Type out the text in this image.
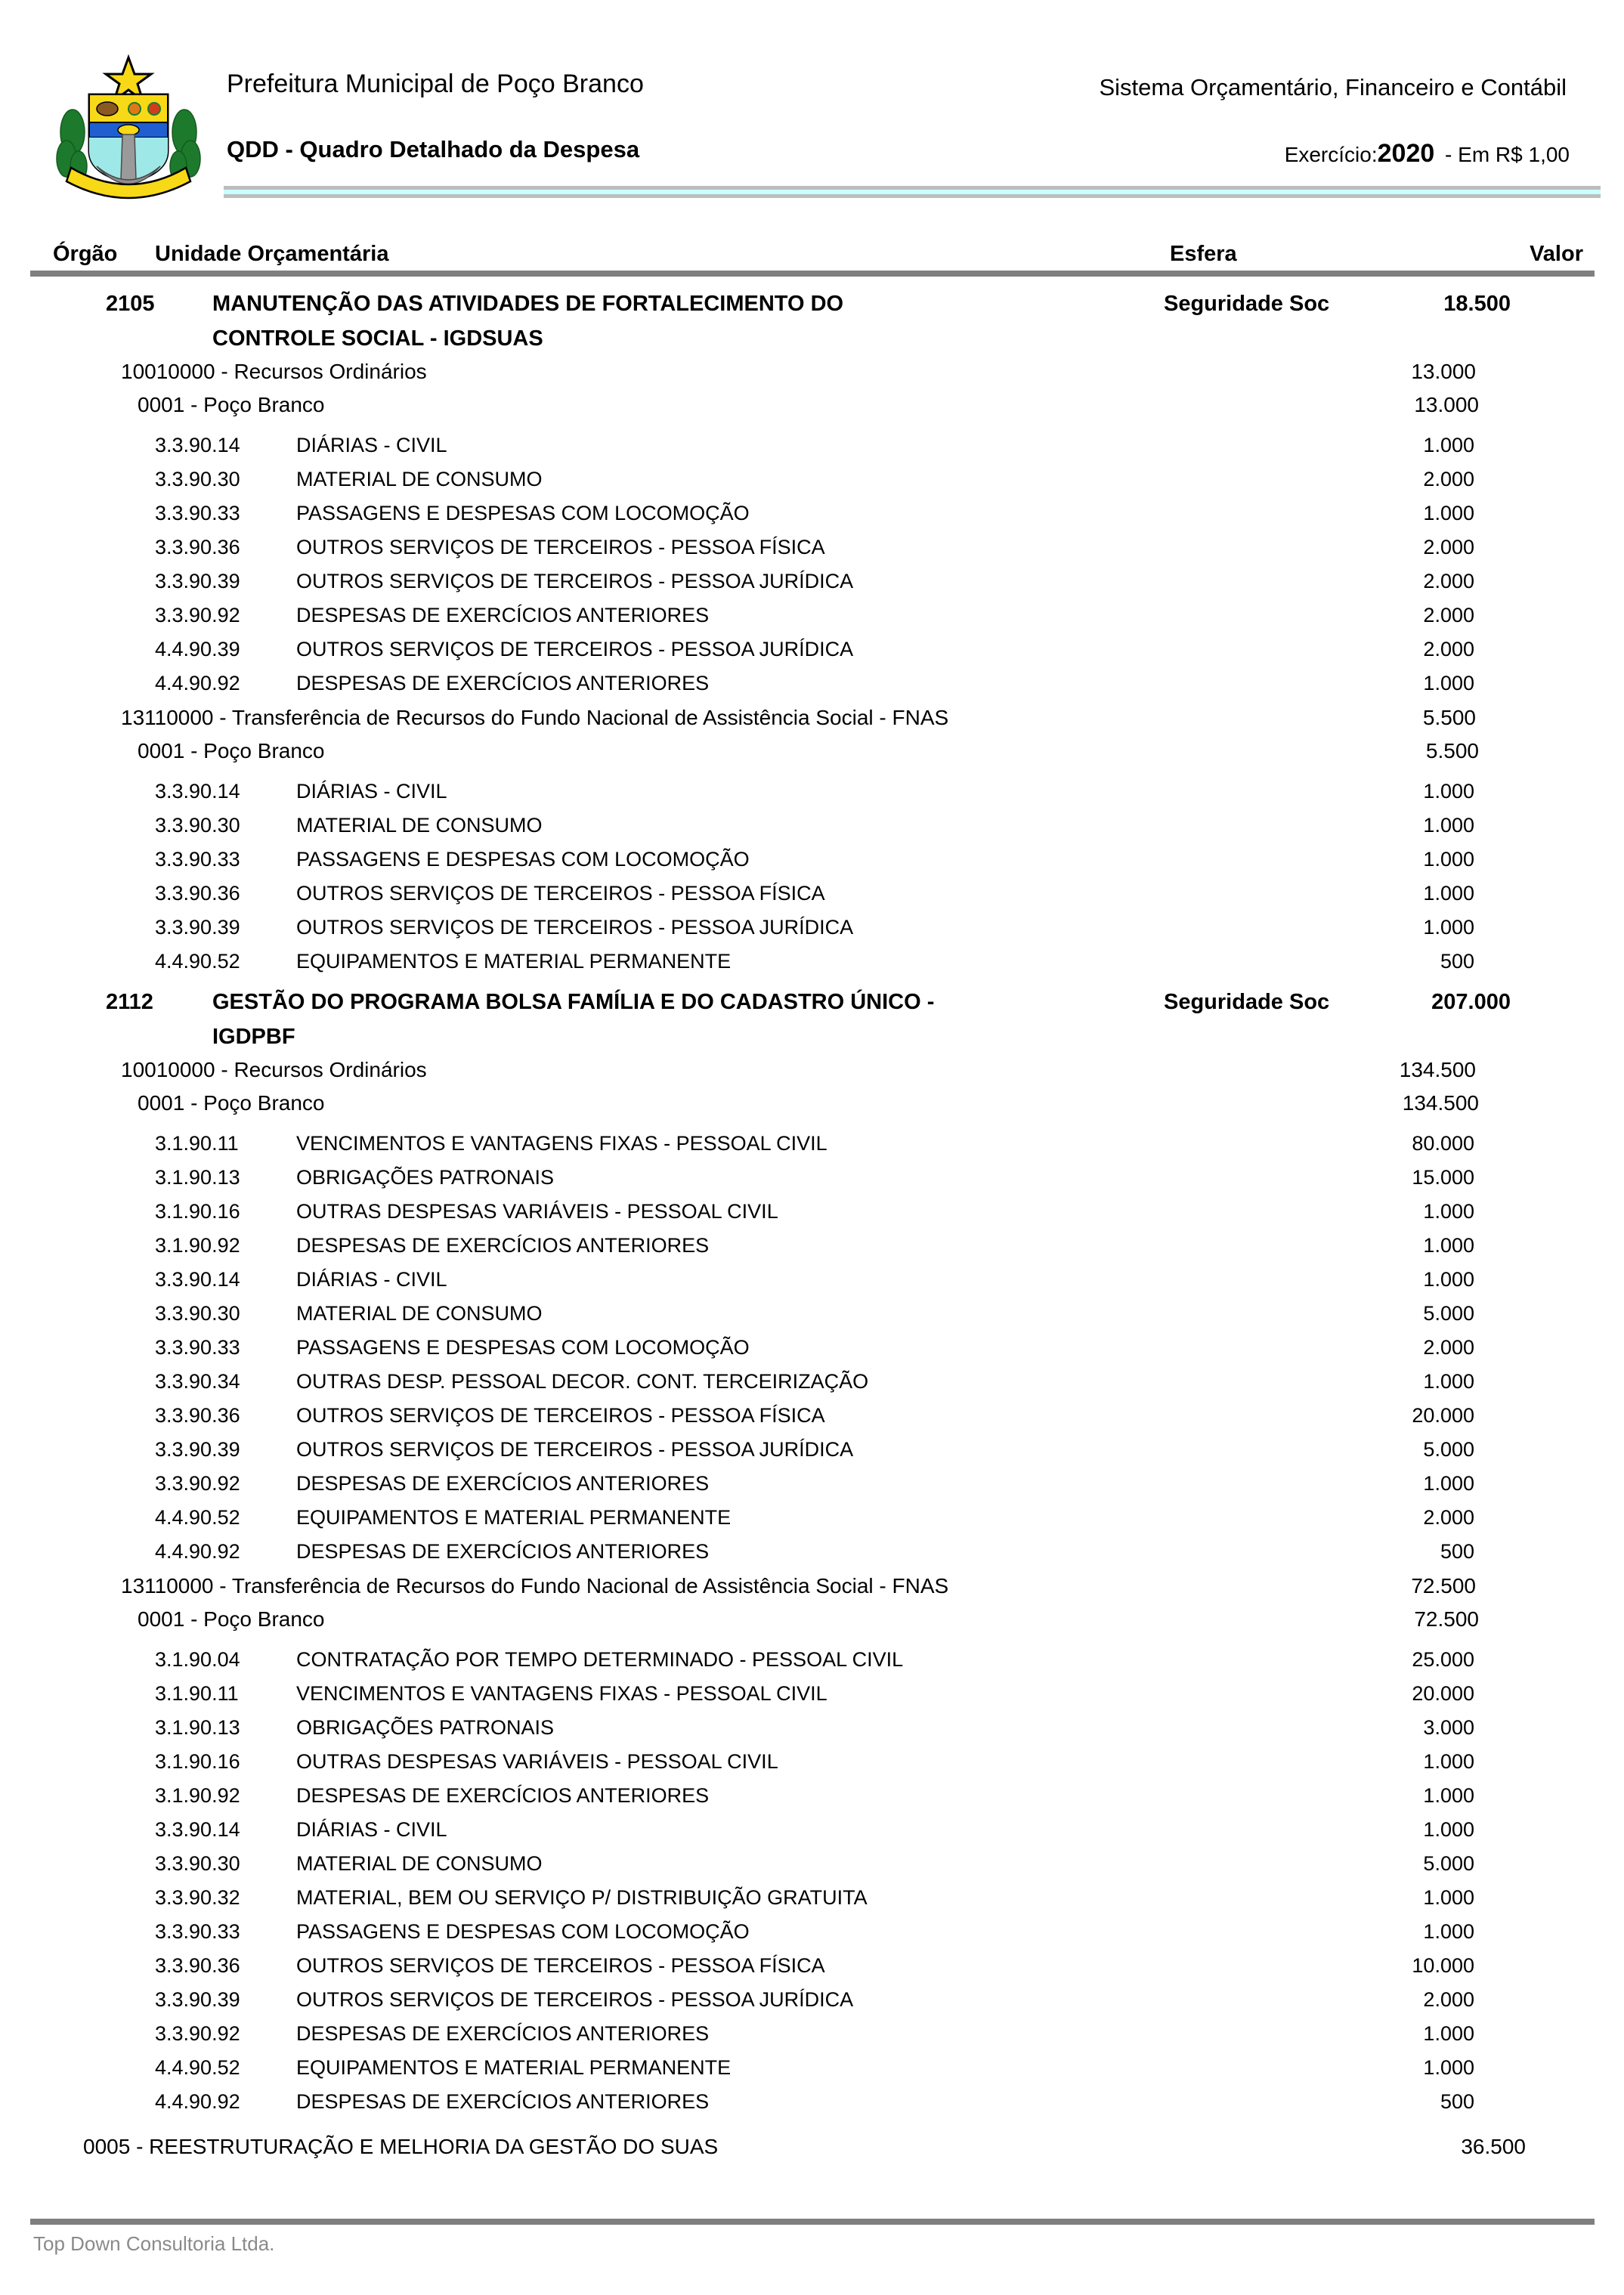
Prefeitura Municipal de Poço Branco	Sistema Orçamentário, Financeiro e Contábil
QDD - Quadro Detalhado da Despesa	Exercício:2020 - Em R$ 1,00
Órgão Unidade Orçamentária	Esfera	Valor
2105	MANUTENÇÃO DAS ATIVIDADES DE FORTALECIMENTO DO	Seguridade Soc	18.500
CONTROLE SOCIAL - IGDSUAS
10010000 - Recursos Ordinários	13.000
0001 - Poço Branco	13.000
3.3.90.14	DIÁRIAS - CIVIL	1.000
3.3.90.30	MATERIAL DE CONSUMO	2.000
3.3.90.33	PASSAGENS E DESPESAS COM LOCOMOÇÃO	1.000
3.3.90.36	OUTROS SERVIÇOS DE TERCEIROS - PESSOA FÍSICA	2.000
3.3.90.39	OUTROS SERVIÇOS DE TERCEIROS - PESSOA JURÍDICA	2.000
3.3.90.92	DESPESAS DE EXERCÍCIOS ANTERIORES	2.000
4.4.90.39	OUTROS SERVIÇOS DE TERCEIROS - PESSOA JURÍDICA	2.000
4.4.90.92	DESPESAS DE EXERCÍCIOS ANTERIORES	1.000
13110000 - Transferência de Recursos do Fundo Nacional de Assistência Social - FNAS	5.500
0001 - Poço Branco	5.500
3.3.90.14	DIÁRIAS - CIVIL	1.000
3.3.90.30	MATERIAL DE CONSUMO	1.000
3.3.90.33	PASSAGENS E DESPESAS COM LOCOMOÇÃO	1.000
3.3.90.36	OUTROS SERVIÇOS DE TERCEIROS - PESSOA FÍSICA	1.000
3.3.90.39	OUTROS SERVIÇOS DE TERCEIROS - PESSOA JURÍDICA	1.000
4.4.90.52	EQUIPAMENTOS E MATERIAL PERMANENTE	500
2112	GESTÃO DO PROGRAMA BOLSA FAMÍLIA E DO CADASTRO ÚNICO -	Seguridade Soc	207.000
IGDPBF
10010000 - Recursos Ordinários	134.500
0001 - Poço Branco	134.500
3.1.90.11	VENCIMENTOS E VANTAGENS FIXAS - PESSOAL CIVIL	80.000
3.1.90.13	OBRIGAÇÕES PATRONAIS	15.000
3.1.90.16	OUTRAS DESPESAS VARIÁVEIS - PESSOAL CIVIL	1.000
3.1.90.92	DESPESAS DE EXERCÍCIOS ANTERIORES	1.000
3.3.90.14	DIÁRIAS - CIVIL	1.000
3.3.90.30	MATERIAL DE CONSUMO	5.000
3.3.90.33	PASSAGENS E DESPESAS COM LOCOMOÇÃO	2.000
3.3.90.34	OUTRAS DESP. PESSOAL DECOR. CONT. TERCEIRIZAÇÃO	1.000
3.3.90.36	OUTROS SERVIÇOS DE TERCEIROS - PESSOA FÍSICA	20.000
3.3.90.39	OUTROS SERVIÇOS DE TERCEIROS - PESSOA JURÍDICA	5.000
3.3.90.92	DESPESAS DE EXERCÍCIOS ANTERIORES	1.000
4.4.90.52	EQUIPAMENTOS E MATERIAL PERMANENTE	2.000
4.4.90.92	DESPESAS DE EXERCÍCIOS ANTERIORES	500
13110000 - Transferência de Recursos do Fundo Nacional de Assistência Social - FNAS	72.500
0001 - Poço Branco	72.500
3.1.90.04	CONTRATAÇÃO POR TEMPO DETERMINADO - PESSOAL CIVIL	25.000
3.1.90.11	VENCIMENTOS E VANTAGENS FIXAS - PESSOAL CIVIL	20.000
3.1.90.13	OBRIGAÇÕES PATRONAIS	3.000
3.1.90.16	OUTRAS DESPESAS VARIÁVEIS - PESSOAL CIVIL	1.000
3.1.90.92	DESPESAS DE EXERCÍCIOS ANTERIORES	1.000
3.3.90.14	DIÁRIAS - CIVIL	1.000
3.3.90.30	MATERIAL DE CONSUMO	5.000
3.3.90.32	MATERIAL, BEM OU SERVIÇO P/ DISTRIBUIÇÃO GRATUITA	1.000
3.3.90.33	PASSAGENS E DESPESAS COM LOCOMOÇÃO	1.000
3.3.90.36	OUTROS SERVIÇOS DE TERCEIROS - PESSOA FÍSICA	10.000
3.3.90.39	OUTROS SERVIÇOS DE TERCEIROS - PESSOA JURÍDICA	2.000
3.3.90.92	DESPESAS DE EXERCÍCIOS ANTERIORES	1.000
4.4.90.52	EQUIPAMENTOS E MATERIAL PERMANENTE	1.000
4.4.90.92	DESPESAS DE EXERCÍCIOS ANTERIORES	500
0005 - REESTRUTURAÇÃO E MELHORIA DA GESTÃO DO SUAS	36.500
Top Down Consultoria Ltda.
